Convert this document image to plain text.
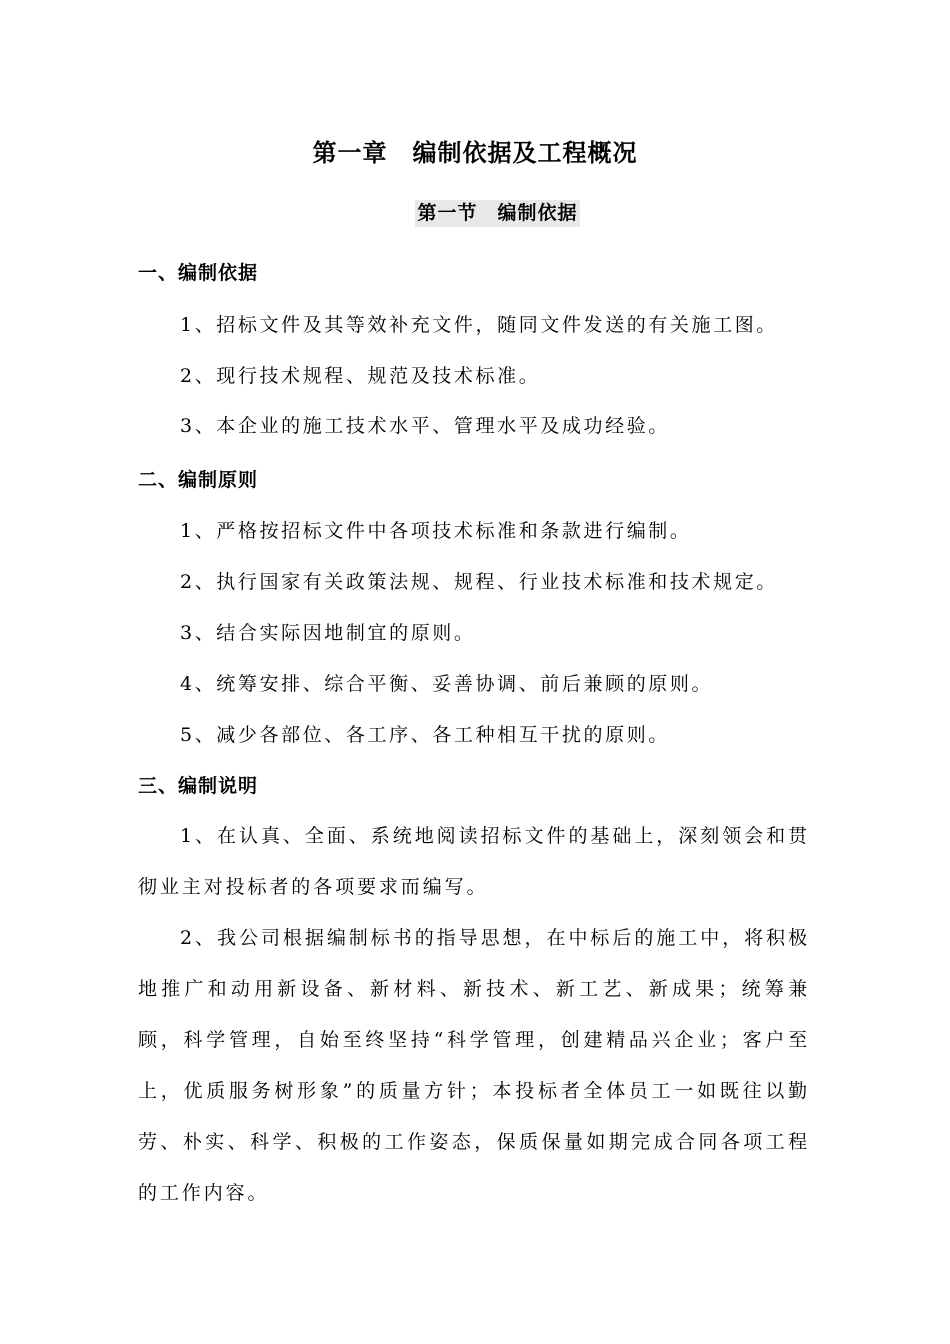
第一章　编制依据及工程概况
第一节　编制依据
一、编制依据
1、招标文件及其等效补充文件，随同文件发送的有关施工图。
2、现行技术规程、规范及技术标准。
3、本企业的施工技术水平、管理水平及成功经验。
二、编制原则
1、严格按招标文件中各项技术标准和条款进行编制。
2、执行国家有关政策法规、规程、行业技术标准和技术规定。
3、结合实际因地制宜的原则。
4、统筹安排、综合平衡、妥善协调、前后兼顾的原则。
5、减少各部位、各工序、各工种相互干扰的原则。
三、编制说明
1、在认真、全面、系统地阅读招标文件的基础上，深刻领会和贯彻业主对投标者的各项要求而编写。
2、我公司根据编制标书的指导思想，在中标后的施工中，将积极地推广和动用新设备、新材料、新技术、新工艺、新成果；统筹兼顾，科学管理，自始至终坚持“科学管理，创建精品兴企业；客户至上，优质服务树形象”的质量方针；本投标者全体员工一如既往以勤劳、朴实、科学、积极的工作姿态，保质保量如期完成合同各项工程的工作内容。
